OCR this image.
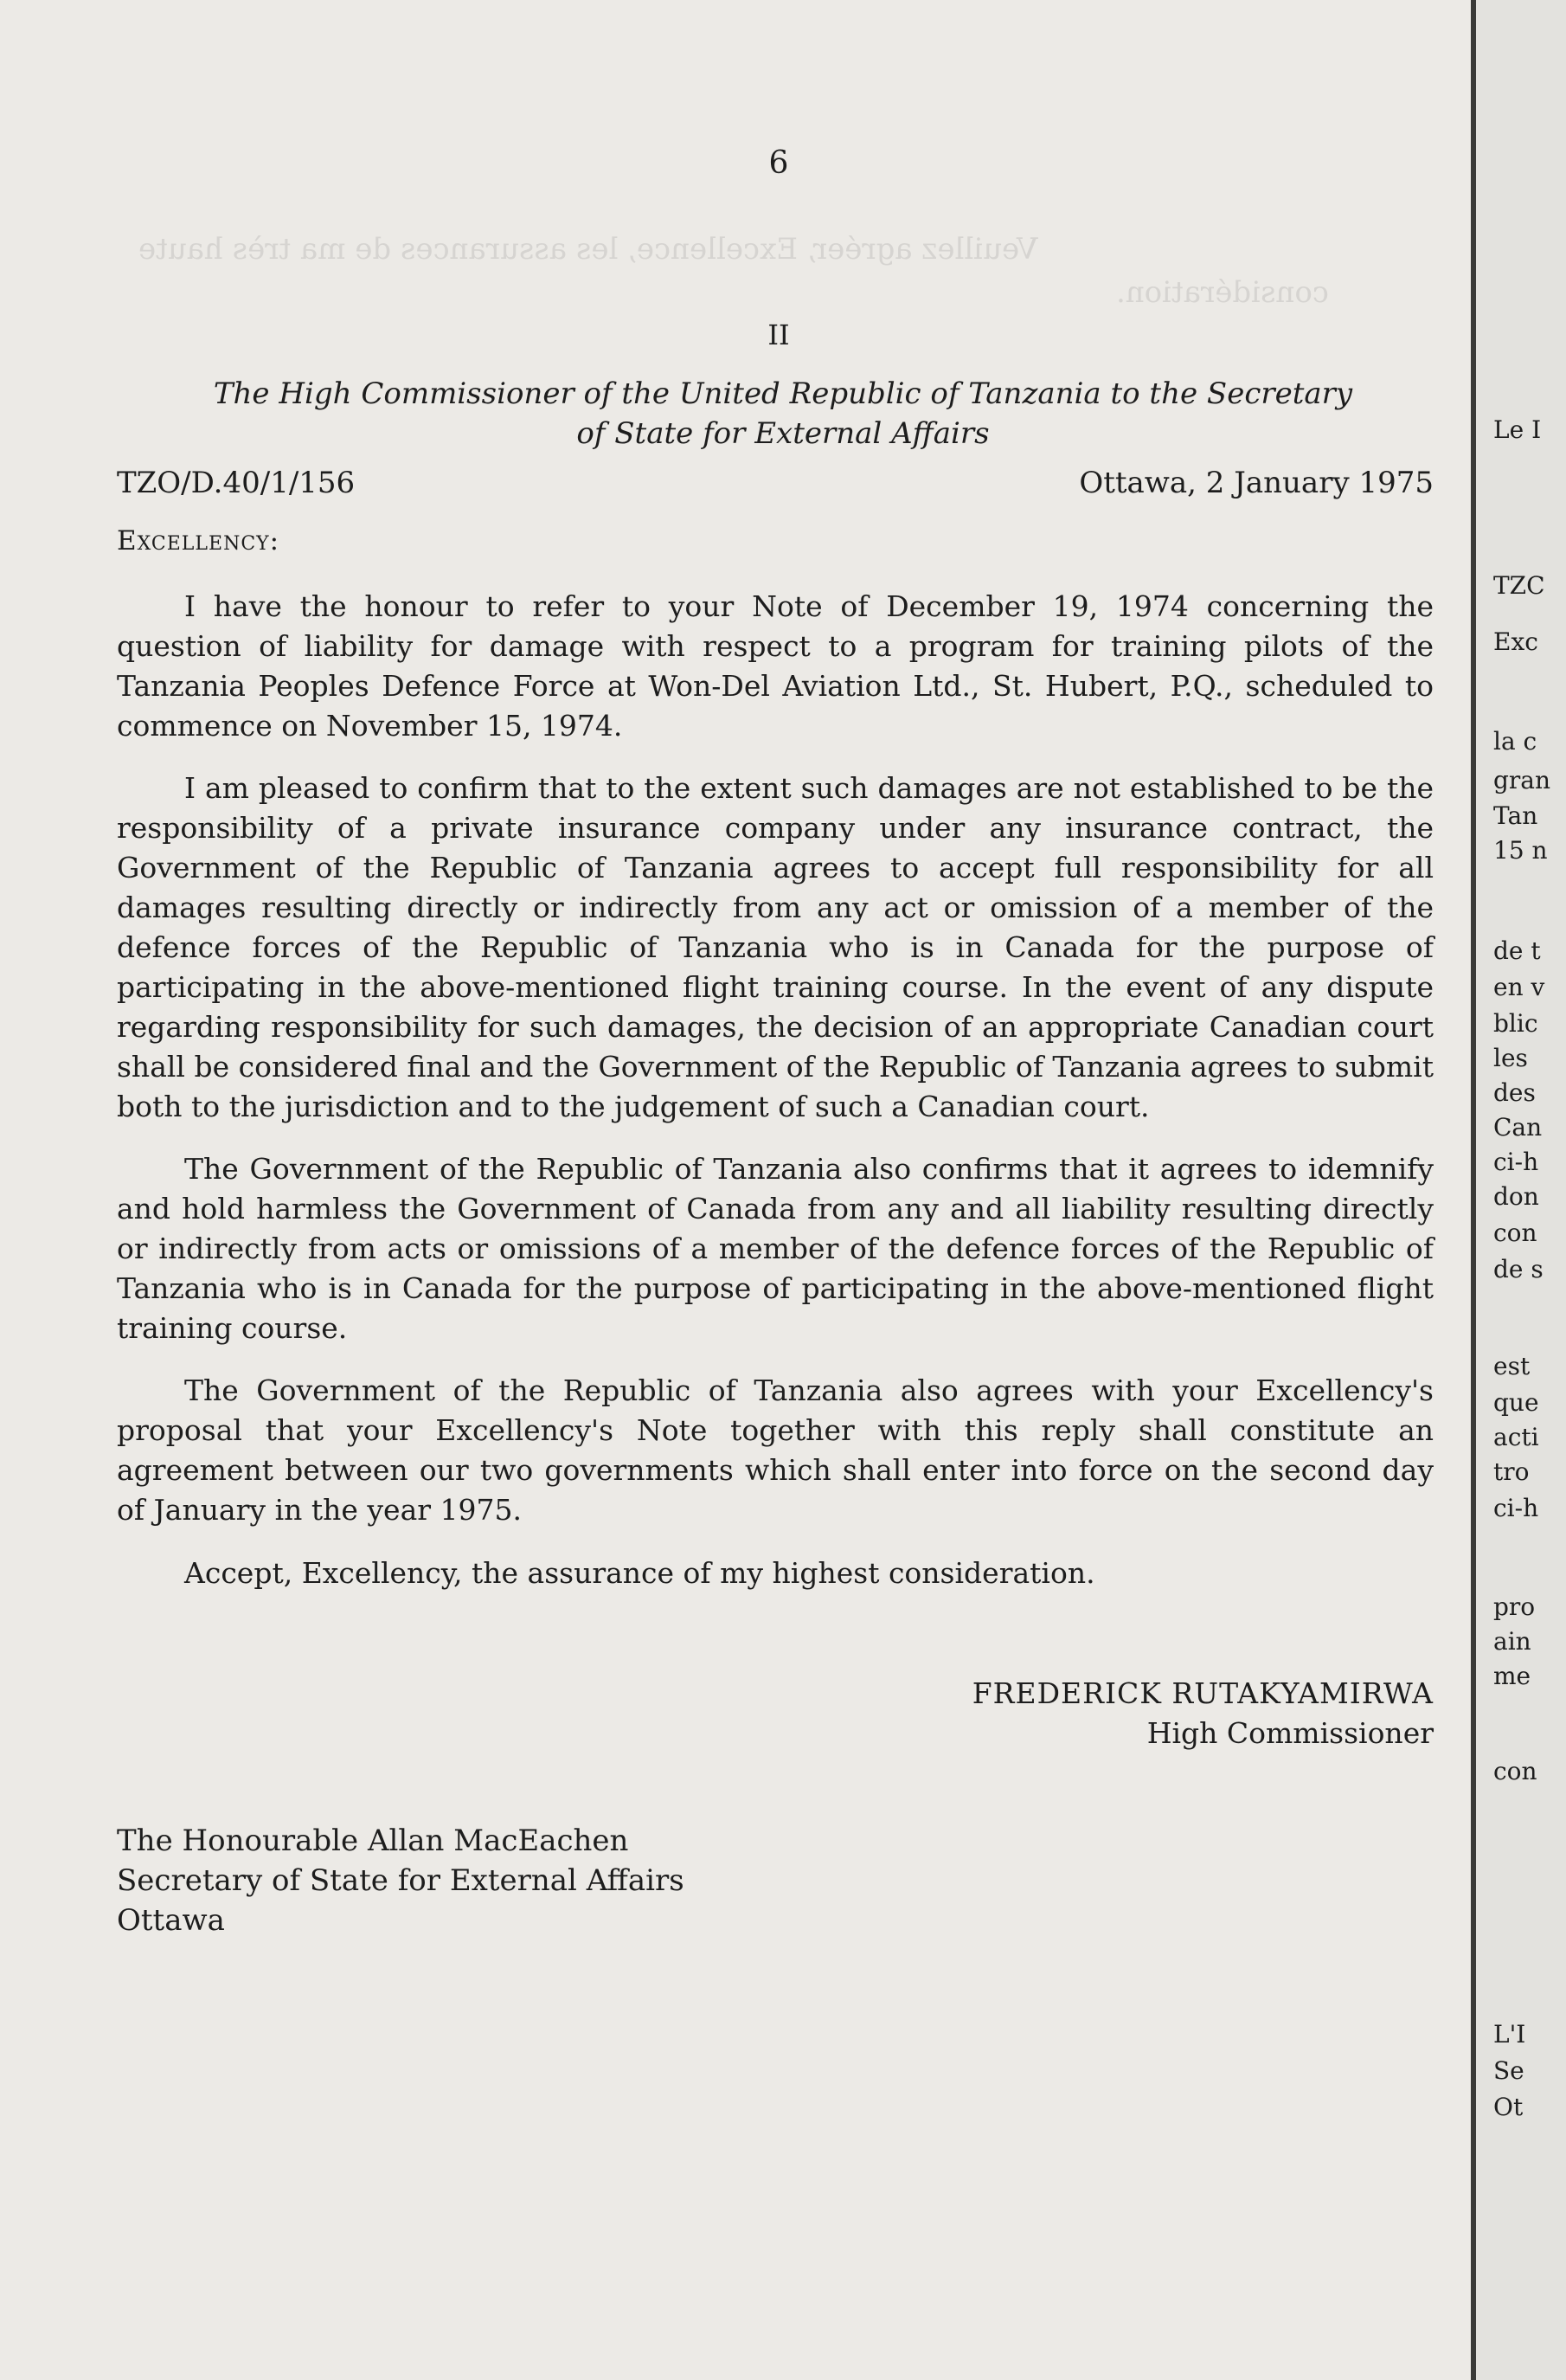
Veuillez agréer, Excellence, les assurances de ma très haute
considération.
6
II
The High Commissioner of the United Republic of Tanzania to the Secretary
of State for External Affairs
TZO/D.40/1/156	Ottawa, 2 January 1975
Excellency:

I have the honour to refer to your Note of December 19, 1974 concerning the question of liability for damage with respect to a program for training pilots of the Tanzania Peoples Defence Force at Won-Del Aviation Ltd., St. Hubert, P.Q., scheduled to commence on November 15, 1974.

I am pleased to confirm that to the extent such damages are not established to be the responsibility of a private insurance company under any insurance contract, the Government of the Republic of Tanzania agrees to accept full responsibility for all damages resulting directly or indirectly from any act or omission of a member of the defence forces of the Republic of Tanzania who is in Canada for the purpose of participating in the above-mentioned flight training course. In the event of any dispute regarding responsibility for such damages, the decision of an appropriate Canadian court shall be considered final and the Government of the Republic of Tanzania agrees to submit both to the jurisdiction and to the judgement of such a Canadian court.

The Government of the Republic of Tanzania also confirms that it agrees to idemnify and hold harmless the Government of Canada from any and all liability resulting directly or indirectly from acts or omissions of a member of the defence forces of the Republic of Tanzania who is in Canada for the purpose of participating in the above-mentioned flight training course.

The Government of the Republic of Tanzania also agrees with your Excellency's proposal that your Excellency's Note together with this reply shall constitute an agreement between our two governments which shall enter into force on the second day of January in the year 1975.

Accept, Excellency, the assurance of my highest consideration.
FREDERICK RUTAKYAMIRWA
High Commissioner
The Honourable Allan MacEachen
Secretary of State for External Affairs
Ottawa
Le I
TZC
Exc
la c
gran
Tan
15 n
de t
en v
blic
les
des
Can
ci-h
don
con
de s
est
que
acti
tro
ci-h
pro
ain
me
con
L'I
Se
Ot
